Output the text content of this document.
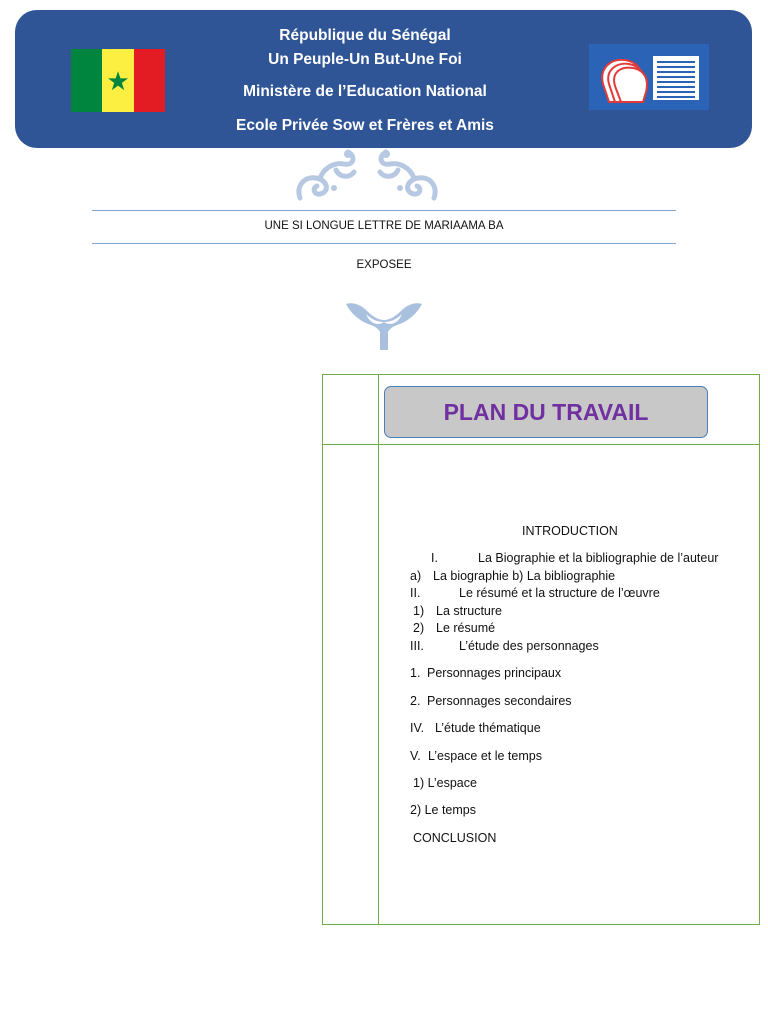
★
République du Sénégal
Un Peuple-Un But-Une Foi
Ministère de l’Education National
Ecole Privée Sow et Frères et Amis
UNE SI LONGUE LETTRE DE MARIAAMA BA
EXPOSEE
PLAN DU TRAVAIL
INTRODUCTION
I.	La Biographie et la bibliographie de l’auteur
a) La biographie b) La bibliographie
II.	Le résumé et la structure de l’œuvre
1) La structure
2) Le résumé
III.	L’étude des personnages
1. Personnages principaux
2. Personnages secondaires
IV. L’étude thématique
V. L’espace et le temps
1) L’espace
2) Le temps
CONCLUSION
